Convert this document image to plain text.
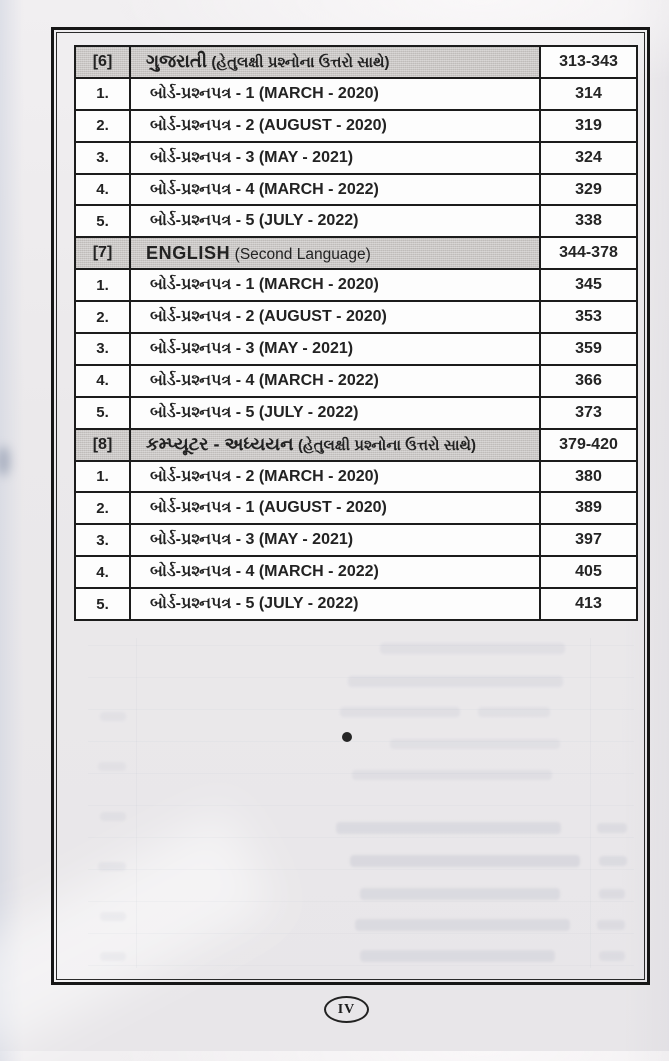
[6]	ગુજરાતી (હેતુલક્ષી પ્રશ્નોના ઉત્તરો સાથે)	313-343
1.	બોર્ડ-પ્રશ્નપત્ર - 1 (MARCH - 2020)	314
2.	બોર્ડ-પ્રશ્નપત્ર - 2 (AUGUST - 2020)	319
3.	બોર્ડ-પ્રશ્નપત્ર - 3 (MAY - 2021)	324
4.	બોર્ડ-પ્રશ્નપત્ર - 4 (MARCH - 2022)	329
5.	બોર્ડ-પ્રશ્નપત્ર - 5 (JULY - 2022)	338
[7]	ENGLISH (Second Language)	344-378
1.	બોર્ડ-પ્રશ્નપત્ર - 1 (MARCH - 2020)	345
2.	બોર્ડ-પ્રશ્નપત્ર - 2 (AUGUST - 2020)	353
3.	બોર્ડ-પ્રશ્નપત્ર - 3 (MAY - 2021)	359
4.	બોર્ડ-પ્રશ્નપત્ર - 4 (MARCH - 2022)	366
5.	બોર્ડ-પ્રશ્નપત્ર - 5 (JULY - 2022)	373
[8]	કમ્પ્યૂટર - અધ્યયન (હેતુલક્ષી પ્રશ્નોના ઉત્તરો સાથે)	379-420
1.	બોર્ડ-પ્રશ્નપત્ર - 2 (MARCH - 2020)	380
2.	બોર્ડ-પ્રશ્નપત્ર - 1 (AUGUST - 2020)	389
3.	બોર્ડ-પ્રશ્નપત્ર - 3 (MAY - 2021)	397
4.	બોર્ડ-પ્રશ્નપત્ર - 4 (MARCH - 2022)	405
5.	બોર્ડ-પ્રશ્નપત્ર - 5 (JULY - 2022)	413
IV
